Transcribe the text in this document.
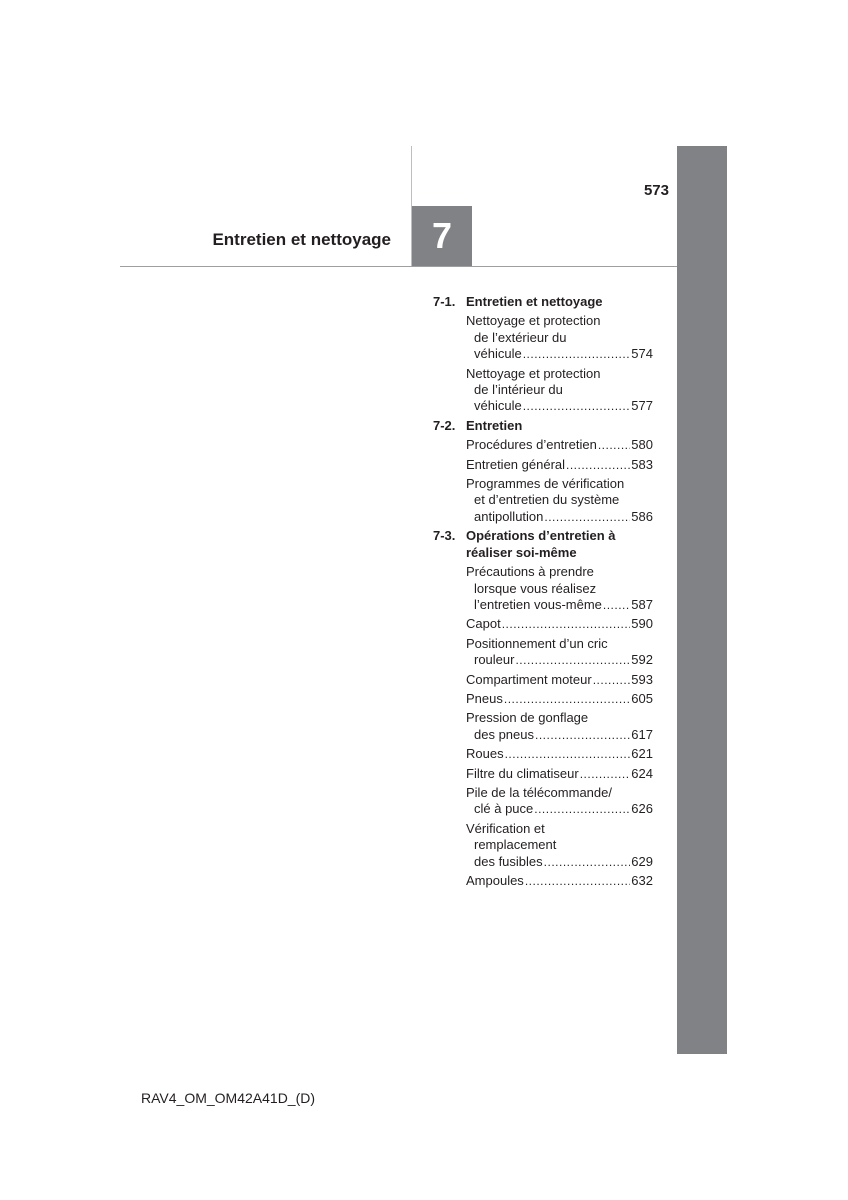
573
Entretien et nettoyage	7
7-1. Entretien et nettoyage
Nettoyage et protection
de l’extérieur du
véhicule .....	574
Nettoyage et protection
de l’intérieur du
véhicule .....	577
7-2. Entretien
Procédures d’entretien .....	580
Entretien général .....	583
Programmes de vérification
et d’entretien du système
antipollution .....	586
7-3. Opérations d’entretien à
réaliser soi-même
Précautions à prendre
lorsque vous réalisez
l’entretien vous-même ..... 587
Capot .....	590
Positionnement d’un cric
rouleur .....	592
Compartiment moteur .....	593
Pneus .....	605
Pression de gonflage
des pneus .....	617
Roues .....	621
Filtre du climatiseur .....	624
Pile de la télécommande/
clé à puce .....	626
Vérification et
remplacement
des fusibles .....	629
Ampoules .....	632
RAV4_OM_OM42A41D_(D)
